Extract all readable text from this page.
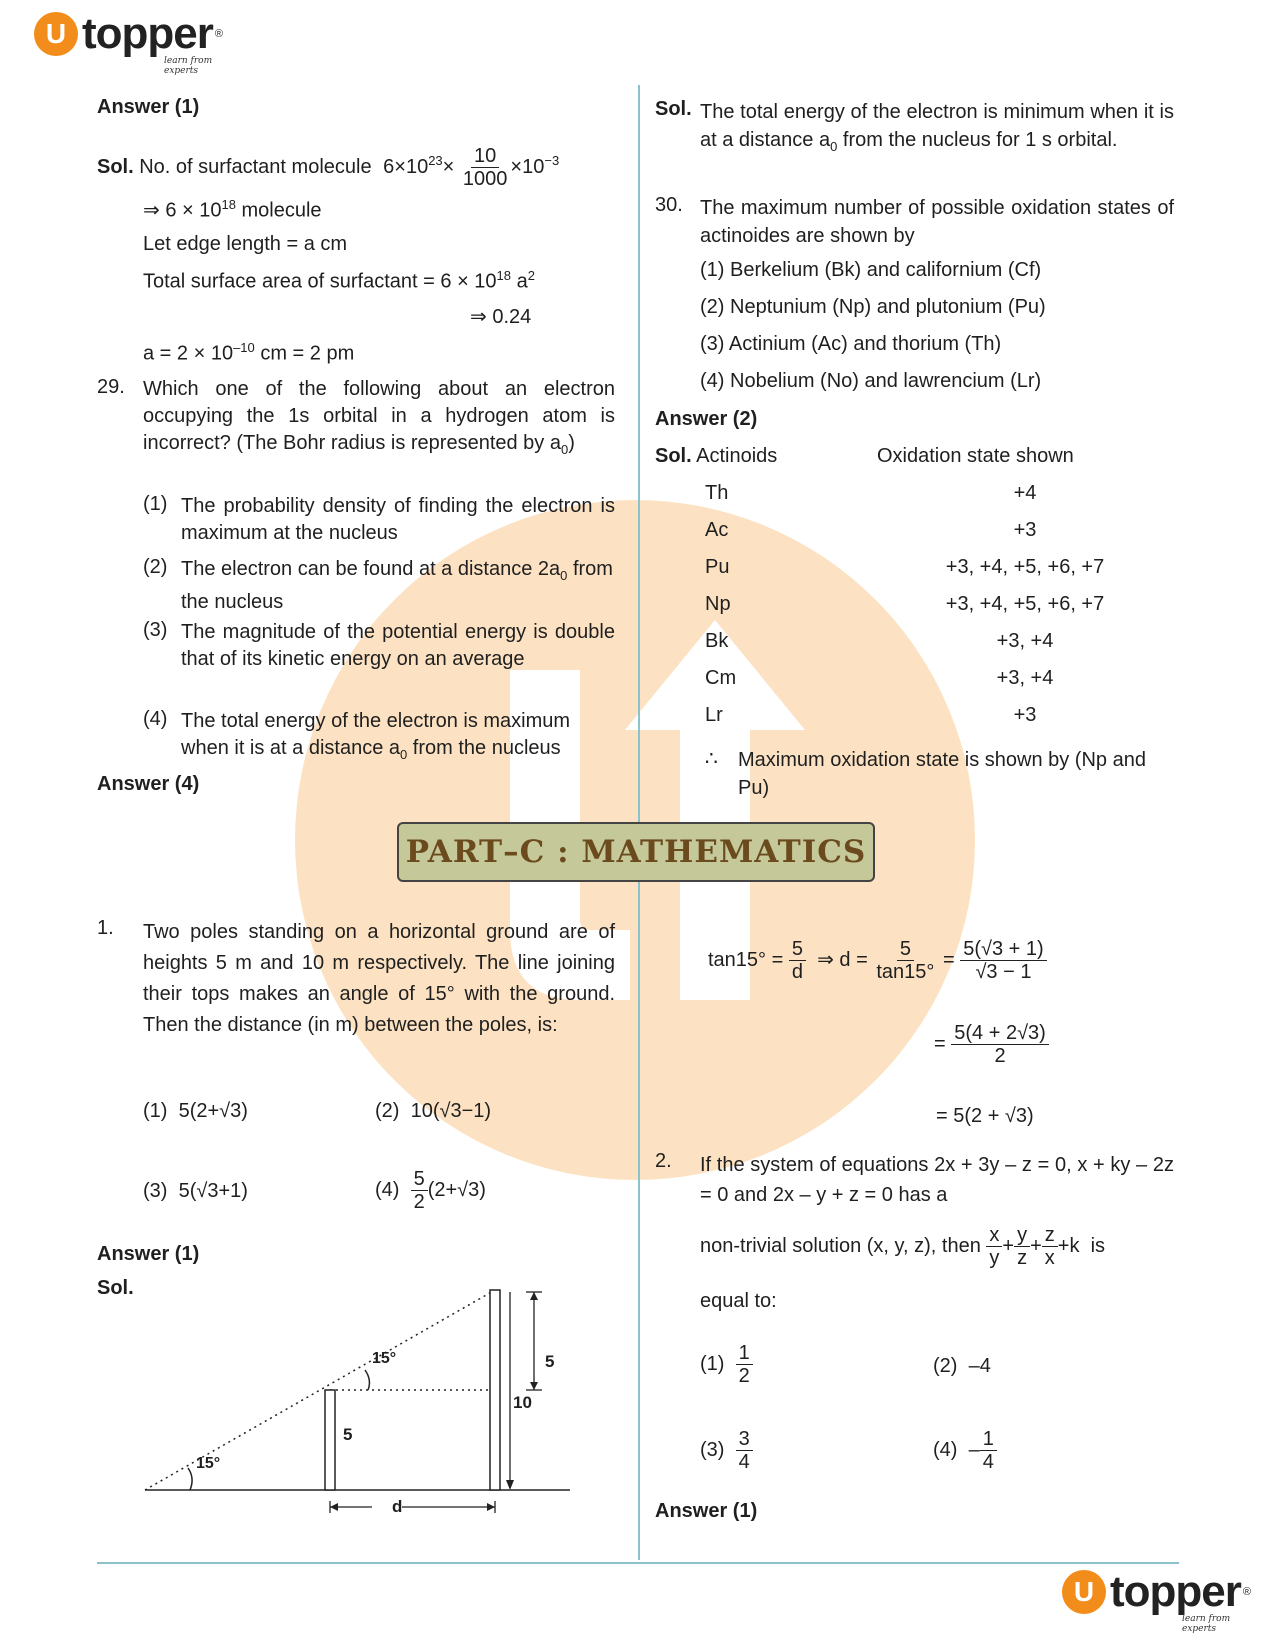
U topper ®
learn from experts
Answer (1)
Sol. No. of surfactant molecule $6\times 10^{23}\times \frac{10}{1000} \times 10^{-3}$
⇒ $6 \times 10^{18}$ molecule
Let edge length = a cm
Total surface area of surfactant = $6 \times 10^{18}$ $a^2$
⇒ 0.24
$a = 2 \times 10^{-10}$ cm = 2 pm
29. Which one of the following about an electron occupying the 1s orbital in a hydrogen atom is incorrect? (The Bohr radius is represented by $a_0$)
(1) The probability density of finding the electron is maximum at the nucleus
(2) The electron can be found at a distance $2a_0$ from the nucleus
(3) The magnitude of the potential energy is double that of its kinetic energy on an average
(4) The total energy of the electron is maximum when it is at a distance $a_0$ from the nucleus
Answer (4)
Sol. The total energy of the electron is minimum when it is at a distance $a_0$ from the nucleus for 1 s orbital.
30. The maximum number of possible oxidation states of actinoides are shown by
(1) Berkelium (Bk) and californium (Cf)
(2) Neptunium (Np) and plutonium (Pu)
(3) Actinium (Ac) and thorium (Th)
(4) Nobelium (No) and lawrencium (Lr)
Answer (2)
Sol. Actinoids	Oxidation state shown
Th	+4
Ac	+3
Pu	+3, +4, +5, +6, +7
Np	+3, +4, +5, +6, +7
Bk	+3, +4
Cm	+3, +4
Lr	+3
∴ Maximum oxidation state is shown by (Np and Pu)
PART–C : MATHEMATICS
1. Two poles standing on a horizontal ground are of heights 5 m and 10 m respectively. The line joining their tops makes an angle of 15° with the ground. Then the distance (in m) between the poles, is:
(1) 5(2+√3)	(2) 10(√3−1)
(3) 5(√3+1)	$(4) \frac{5}{2} (2+√3)$
Answer (1)
Sol.
15°
15°
5
10
5
d
$\tan 15^\circ = \frac{5}{d}$ ⇒ $d = \frac{5}{\tan 15^\circ} = \frac{5(√3 + 1)}{√3 - 1}$
= $\frac{5(4 + 2√3)}{2}$
= 5(2 + √3)
2. If the system of equations 2x + 3y – z = 0, x + ky – 2z = 0 and 2x – y + z = 0 has a
non-trivial solution (x, y, z), then $\frac{x}{y} + \frac{y}{z} + \frac{z}{x} +k$ is
equal to:
$(1) \frac{1}{2}$	(2) –4
$(3) \frac{3}{4}$	$(4) - \frac{1}{4}$
Answer (1)
U topper ®
learn from experts
